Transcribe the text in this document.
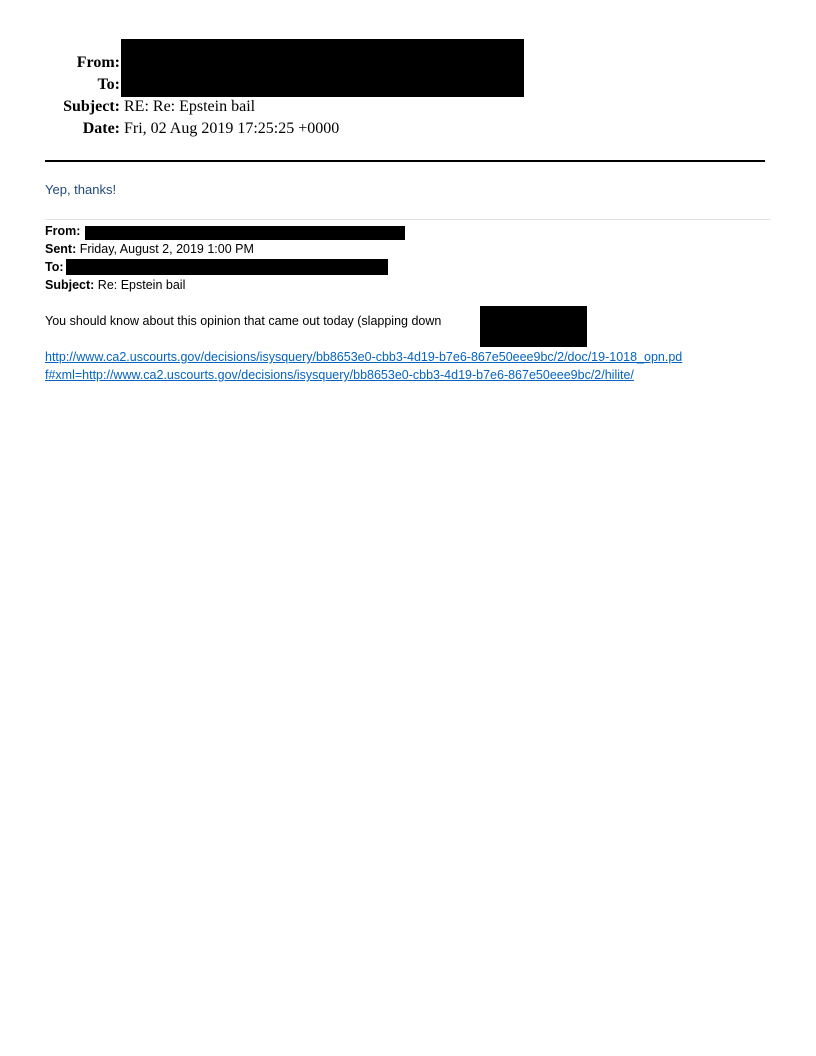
From:
To:
Subject: RE: Re: Epstein bail
Date: Fri, 02 Aug 2019 17:25:25 +0000
Yep, thanks!
From:
Sent: Friday, August 2, 2019 1:00 PM
To:
Subject: Re: Epstein bail
You should know about this opinion that came out today (slapping down
http://www.ca2.uscourts.gov/decisions/isysquery/bb8653e0-cbb3-4d19-b7e6-867e50eee9bc/2/doc/19-1018_opn.pdf#xml=http://www.ca2.uscourts.gov/decisions/isysquery/bb8653e0-cbb3-4d19-b7e6-867e50eee9bc/2/hilite/
